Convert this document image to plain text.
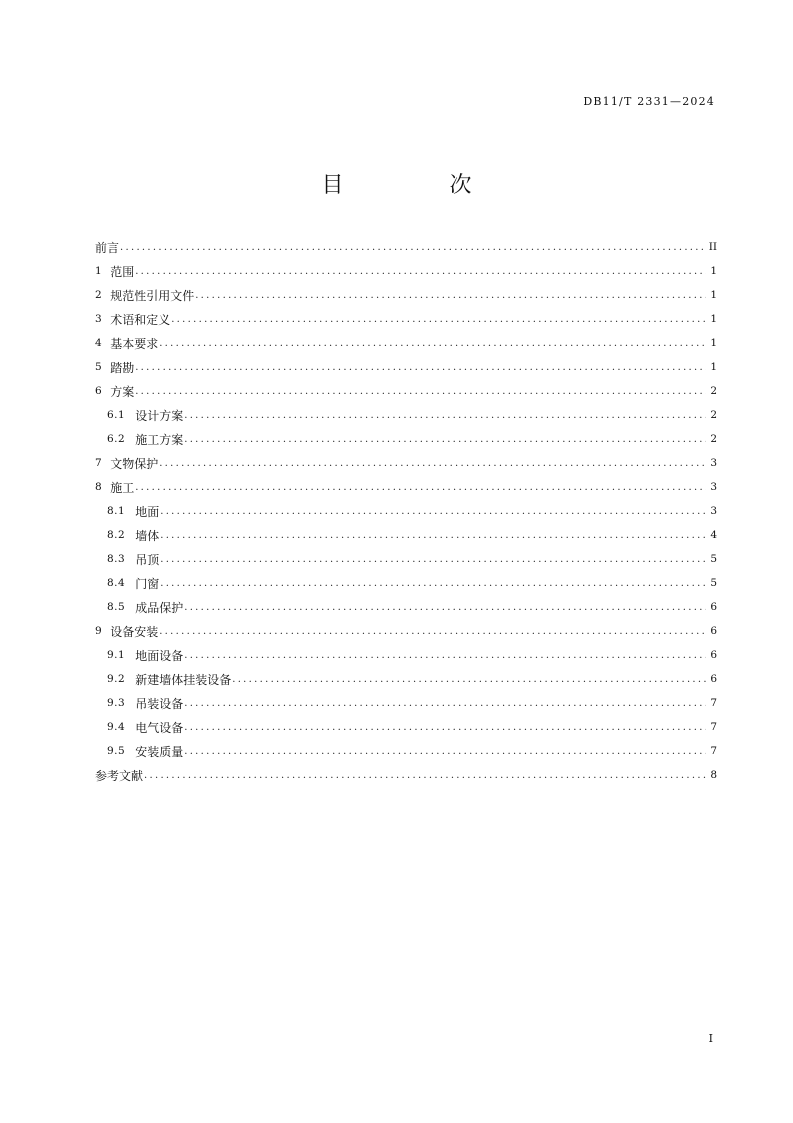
DB11/T 2331—2024
目　次
前言 .....	II
1 范围 .....	1
2 规范性引用文件 .....	1
3 术语和定义 .....	1
4 基本要求 .....	1
5 踏勘 .....	1
6 方案 .....	2
6.1 设计方案 .....	2
6.2 施工方案 .....	2
7 文物保护 .....	3
8 施工 .....	3
8.1 地面 .....	3
8.2 墙体 .....	4
8.3 吊顶 .....	5
8.4 门窗 .....	5
8.5 成品保护 .....	6
9 设备安装 .....	6
9.1 地面设备 .....	6
9.2 新建墙体挂装设备 .....	6
9.3 吊装设备 .....	7
9.4 电气设备 .....	7
9.5 安装质量 .....	7
参考文献 .....	8
I
